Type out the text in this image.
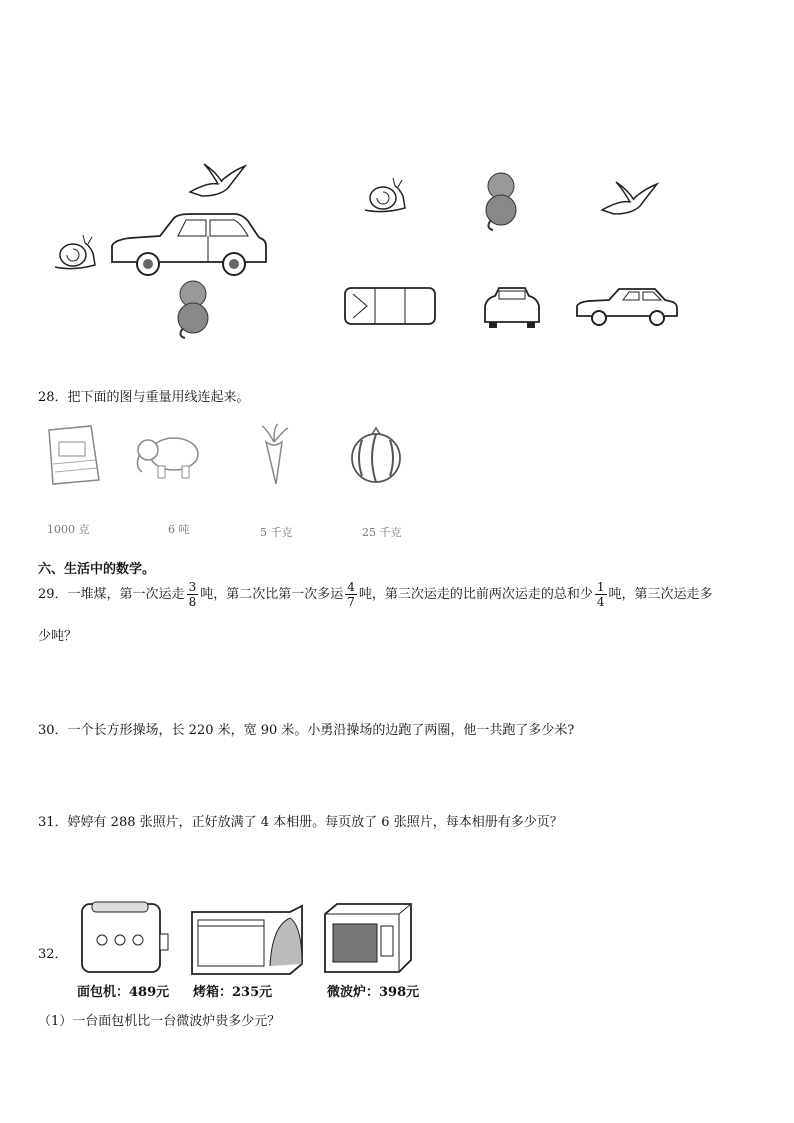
28．把下面的图与重量用线连起来。
1000 克	6 吨	5 千克	25 千克
六、生活中的数学。
29．一堆煤，第一次运走 $\frac{3}{8}$ 吨，第二次比第一次多运 $\frac{4}{7}$ 吨，第三次运走的比前两次运走的总和少 $\frac{1}{4}$ 吨，第三次运走多
少吨？
30．一个长方形操场，长 220 米，宽 90 米。小勇沿操场的边跑了两圈，他一共跑了多少米?
31．婷婷有 288 张照片，正好放满了 4 本相册。每页放了 6 张照片，每本相册有多少页？
32．
面包机：489元 烤箱：235元	微波炉：398元
（1）一台面包机比一台微波炉贵多少元？
